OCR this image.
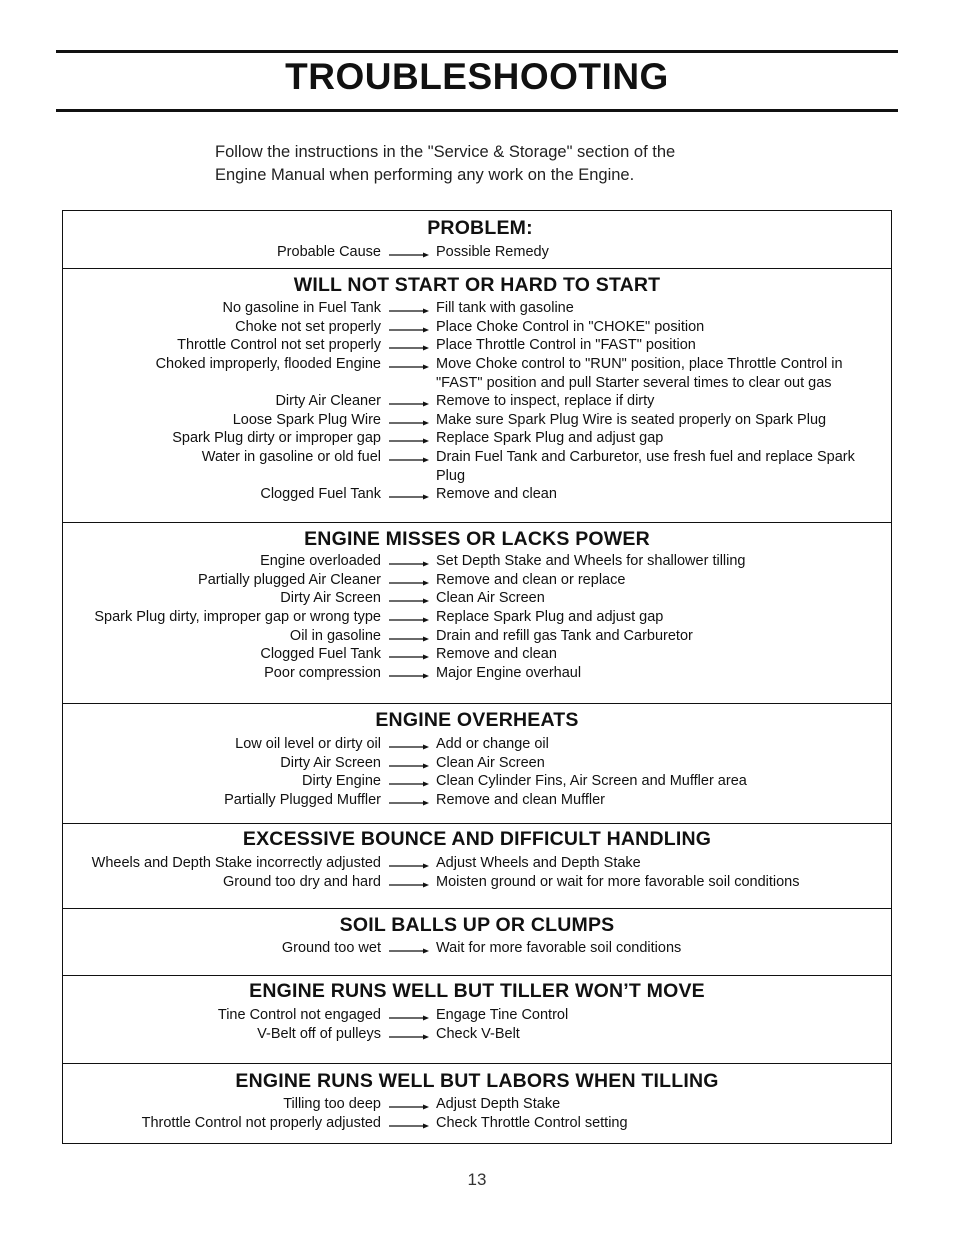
TROUBLESHOOTING
Follow the instructions in the "Service & Storage" section of the
Engine Manual when performing any work on the Engine.
PROBLEM:
Probable Cause	Possible Remedy
WILL NOT START OR HARD TO START
No gasoline in Fuel Tank	Fill tank with gasoline
Choke not set properly	Place Choke Control in "CHOKE" position
Throttle Control not set properly	Place Throttle Control in "FAST" position
Choked improperly, flooded Engine	Move Choke control to "RUN" position, place Throttle Control in "FAST" position and pull Starter several times to clear out gas
Dirty Air Cleaner	Remove to inspect, replace if dirty
Loose Spark Plug Wire	Make sure Spark Plug Wire is seated properly on Spark Plug
Spark Plug dirty or improper gap	Replace Spark Plug and adjust gap
Water in gasoline or old fuel	Drain Fuel Tank and Carburetor, use fresh fuel and replace Spark Plug
Clogged Fuel Tank	Remove and clean
ENGINE MISSES OR LACKS POWER
Engine overloaded	Set Depth Stake and Wheels for shallower tilling
Partially plugged Air Cleaner	Remove and clean or replace
Dirty Air Screen	Clean Air Screen
Spark Plug dirty, improper gap or wrong type	Replace Spark Plug and adjust gap
Oil in gasoline	Drain and refill gas Tank and Carburetor
Clogged Fuel Tank	Remove and clean
Poor compression	Major Engine overhaul
ENGINE OVERHEATS
Low oil level or dirty oil	Add or change oil
Dirty Air Screen	Clean Air Screen
Dirty Engine	Clean Cylinder Fins, Air Screen and Muffler area
Partially Plugged Muffler	Remove and clean Muffler
EXCESSIVE BOUNCE AND DIFFICULT HANDLING
Wheels and Depth Stake incorrectly adjusted	Adjust Wheels and Depth Stake
Ground too dry and hard	Moisten ground or wait for more favorable soil conditions
SOIL BALLS UP OR CLUMPS
Ground too wet	Wait for more favorable soil conditions
ENGINE RUNS WELL BUT TILLER WON’T MOVE
Tine Control not engaged	Engage Tine Control
V-Belt off of pulleys	Check V-Belt
ENGINE RUNS WELL BUT LABORS WHEN TILLING
Tilling too deep	Adjust Depth Stake
Throttle Control not properly adjusted	Check Throttle Control setting
13
